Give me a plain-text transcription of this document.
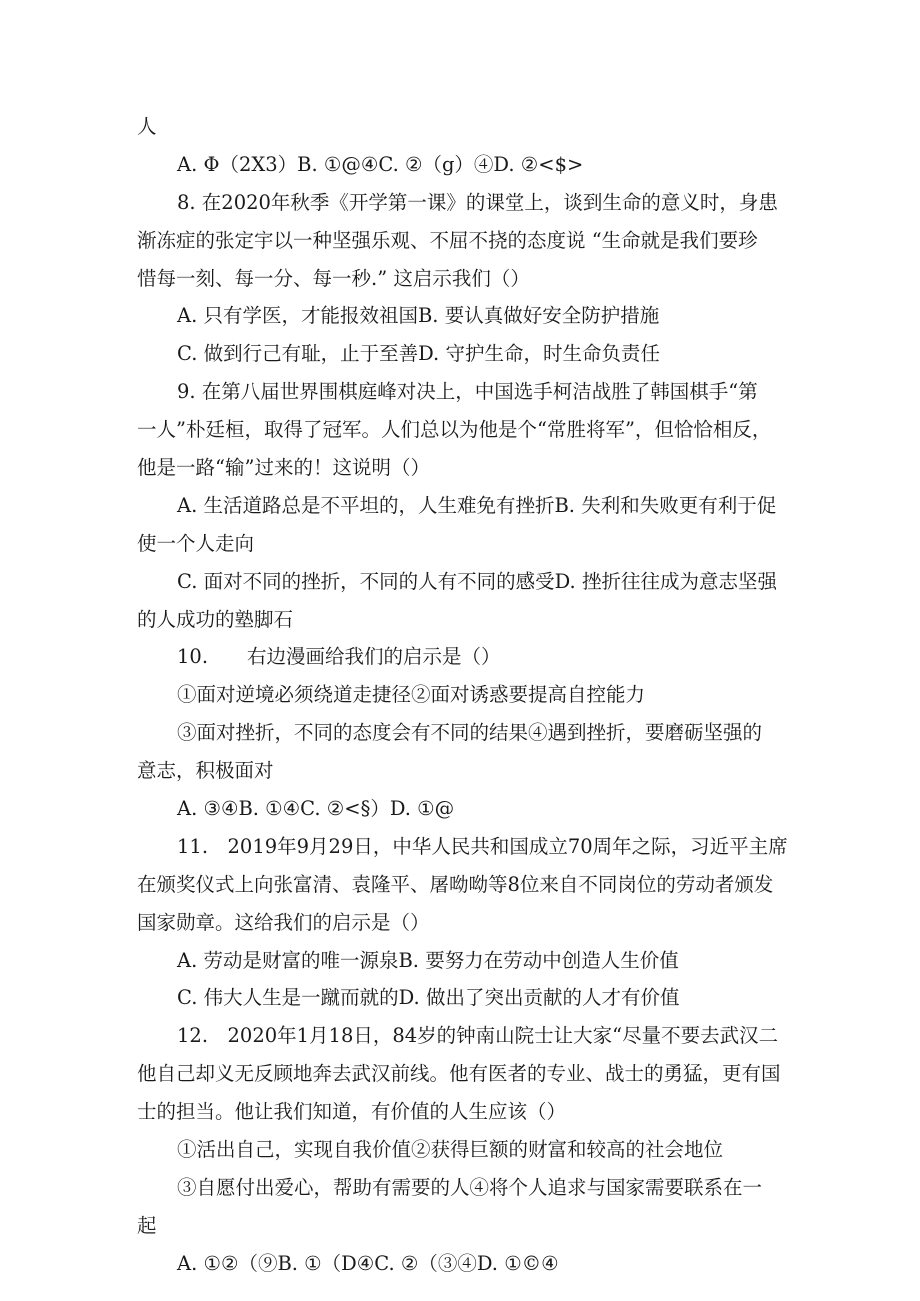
人
A. Φ（2X3）B. ①@④C. ②（g）④D. ②<$>
8. 在2020年秋季《开学第一课》的课堂上，谈到生命的意义时，身患
渐冻症的张定宇以一种坚强乐观、不屈不挠的态度说 “生命就是我们要珍
惜每一刻、每一分、每一秒.” 这启示我们（）
A. 只有学医，才能报效祖国B. 要认真做好安全防护措施
C. 做到行己有耻，止于至善D. 守护生命，时生命负责任
9. 在第八届世界围棋庭峰对决上，中国选手柯洁战胜了韩国棋手“第
一人”朴廷桓，取得了冠军。人们总以为他是个“常胜将军”，但恰恰相反，
他是一路“输”过来的！这说明（）
A. 生活道路总是不平坦的，人生难免有挫折B. 失利和失败更有利于促
使一个人走向
C. 面对不同的挫折，不同的人有不同的感受D. 挫折往往成为意志坚强
的人成功的塾脚石
10.　　右边漫画给我们的启示是（）
①面对逆境必须绕道走捷径②面对诱惑要提高自控能力
③面对挫折，不同的态度会有不同的结果④遇到挫折，要磨砺坚强的
意志，积极面对
A. ③④B. ①④C. ②<§）D. ①@
11.　2019年9月29日，中华人民共和国成立70周年之际，习近平主席
在颁奖仪式上向张富清、袁隆平、屠呦呦等8位来自不同岗位的劳动者颁发
国家勋章。这给我们的启示是（）
A. 劳动是财富的唯一源泉B. 要努力在劳动中创造人生价值
C. 伟大人生是一蹴而就的D. 做出了突出贡献的人才有价值
12.　2020年1月18日，84岁的钟南山院士让大家“尽量不要去武汉二
他自己却义无反顾地奔去武汉前线。他有医者的专业、战士的勇猛，更有国
士的担当。他让我们知道，有价值的人生应该（）
①活出自己，实现自我价值②获得巨额的财富和较高的社会地位
③自愿付出爱心，帮助有需要的人④将个人追求与国家需要联系在一
起
A. ①②（⑨B. ①（D④C. ②（③④D. ①©④
